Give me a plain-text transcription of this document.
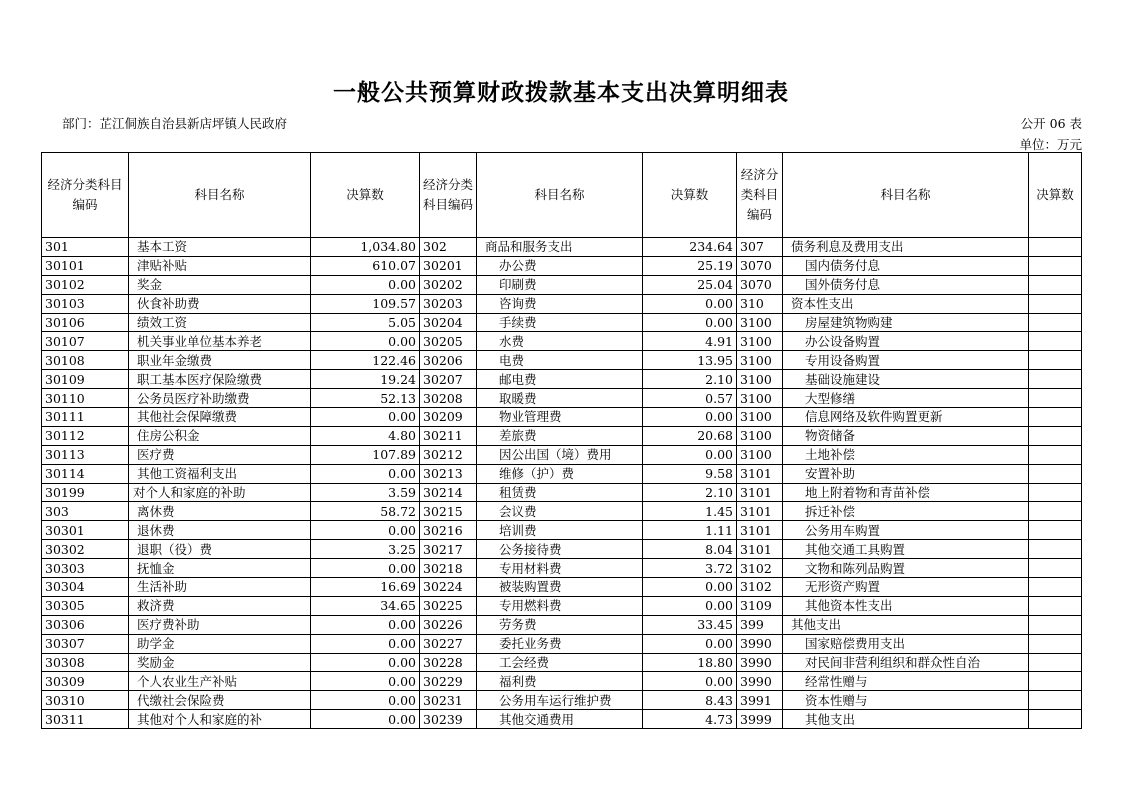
一般公共预算财政拨款基本支出决算明细表
部门：芷江侗族自治县新店坪镇人民政府	公开 06 表
单位：万元
经济分类科目编码	科目名称	决算数	经济分类科目编码	科目名称	决算数	经济分类科目编码	科目名称	决算数
301	基本工资	1,034.80	302	商品和服务支出	234.64	307	债务利息及费用支出	
30101	津贴补贴	610.07	30201	办公费	25.19	3070	国内债务付息	
30102	奖金	0.00	30202	印刷费	25.04	3070	国外债务付息	
30103	伙食补助费	109.57	30203	咨询费	0.00	310	资本性支出	
30106	绩效工资	5.05	30204	手续费	0.00	3100	房屋建筑物购建	
30107	机关事业单位基本养老	0.00	30205	水费	4.91	3100	办公设备购置	
30108	职业年金缴费	122.46	30206	电费	13.95	3100	专用设备购置	
30109	职工基本医疗保险缴费	19.24	30207	邮电费	2.10	3100	基础设施建设	
30110	公务员医疗补助缴费	52.13	30208	取暖费	0.57	3100	大型修缮	
30111	其他社会保障缴费	0.00	30209	物业管理费	0.00	3100	信息网络及软件购置更新	
30112	住房公积金	4.80	30211	差旅费	20.68	3100	物资储备	
30113	医疗费	107.89	30212	因公出国（境）费用	0.00	3100	土地补偿	
30114	其他工资福利支出	0.00	30213	维修（护）费	9.58	3101	安置补助	
30199	对个人和家庭的补助	3.59	30214	租赁费	2.10	3101	地上附着物和青苗补偿	
303	离休费	58.72	30215	会议费	1.45	3101	拆迁补偿	
30301	退休费	0.00	30216	培训费	1.11	3101	公务用车购置	
30302	退职（役）费	3.25	30217	公务接待费	8.04	3101	其他交通工具购置	
30303	抚恤金	0.00	30218	专用材料费	3.72	3102	文物和陈列品购置	
30304	生活补助	16.69	30224	被装购置费	0.00	3102	无形资产购置	
30305	救济费	34.65	30225	专用燃料费	0.00	3109	其他资本性支出	
30306	医疗费补助	0.00	30226	劳务费	33.45	399	其他支出	
30307	助学金	0.00	30227	委托业务费	0.00	3990	国家赔偿费用支出	
30308	奖励金	0.00	30228	工会经费	18.80	3990	对民间非营利组织和群众性自治	
30309	个人农业生产补贴	0.00	30229	福利费	0.00	3990	经常性赠与	
30310	代缴社会保险费	0.00	30231	公务用车运行维护费	8.43	3991	资本性赠与	
30311	其他对个人和家庭的补	0.00	30239	其他交通费用	4.73	3999	其他支出	
